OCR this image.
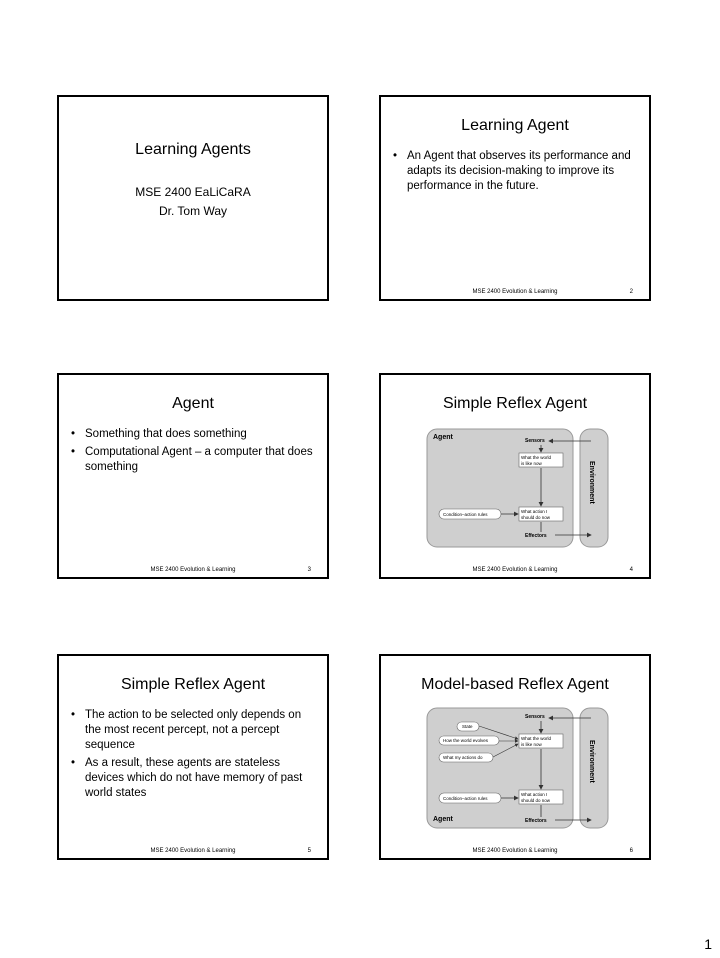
Learning Agents
MSE 2400 EaLiCaRA
Dr. Tom Way
Learning Agent
• An Agent that observes its performance and adapts its decision-making to improve its performance in the future.
MSE 2400 Evolution & Learning	2
Agent
• Something that does something
• Computational Agent – a computer that does something
MSE 2400 Evolution & Learning	3
Simple Reflex Agent
Agent	Sensors
What the world
is like now	Environment
Condition–action rules
What action I
should do now
Effectors
MSE 2400 Evolution & Learning	4
Simple Reflex Agent
• The action to be selected only depends on the most recent percept, not a percept sequence
• As a result, these agents are stateless devices which do not have memory of past world states
MSE 2400 Evolution & Learning	5
Model-based Reflex Agent
Sensors
State
How the world evolves	What the world
is like now
What my actions do	Environment
Condition–action rules
What action I
should do now
Agent	Effectors
MSE 2400 Evolution & Learning	6
1
